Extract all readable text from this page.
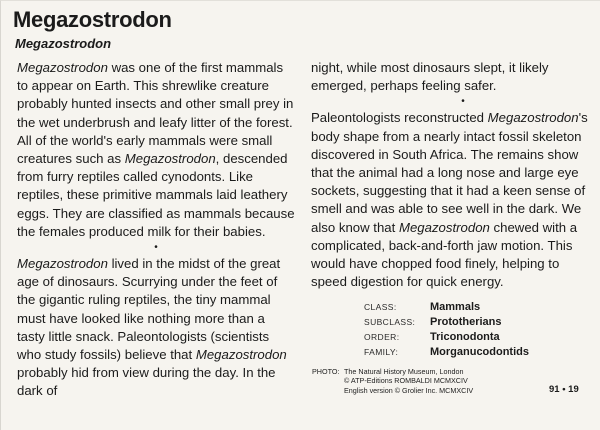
Megazostrodon
Megazostrodon

Megazostrodon was one of the first mammals to appear on Earth. This shrewlike creature probably hunted insects and other small prey in the wet underbrush and leafy litter of the forest. All of the world's early mammals were small creatures such as Megazostrodon, descended from furry reptiles called cynodonts. Like reptiles, these primitive mammals laid leathery eggs. They are classified as mammals because the females produced milk for their babies.

•

Megazostrodon lived in the midst of the great age of dinosaurs. Scurrying under the feet of the gigantic ruling reptiles, the tiny mammal must have looked like nothing more than a tasty little snack. Paleontologists (scientists who study fossils) believe that Megazostrodon probably hid from view during the day. In the dark of

night, while most dinosaurs slept, it likely emerged, perhaps feeling safer.

•

Paleontologists reconstructed Megazostrodon's body shape from a nearly intact fossil skeleton discovered in South Africa. The remains show that the animal had a long nose and large eye sockets, suggesting that it had a keen sense of smell and was able to see well in the dark. We also know that Megazostrodon chewed with a complicated, back-and-forth jaw motion. This would have chopped food finely, helping to speed digestion for quick energy.

CLASS:	Mammals
SUBCLASS:	Prototherians
ORDER:	Triconodonta
FAMILY:	Morganucodontids
PHOTO: The Natural History Museum, London
© ATP-Editions ROMBALDI MCMXCIV
English version © Grolier Inc. MCMXCIV	91 • 19
